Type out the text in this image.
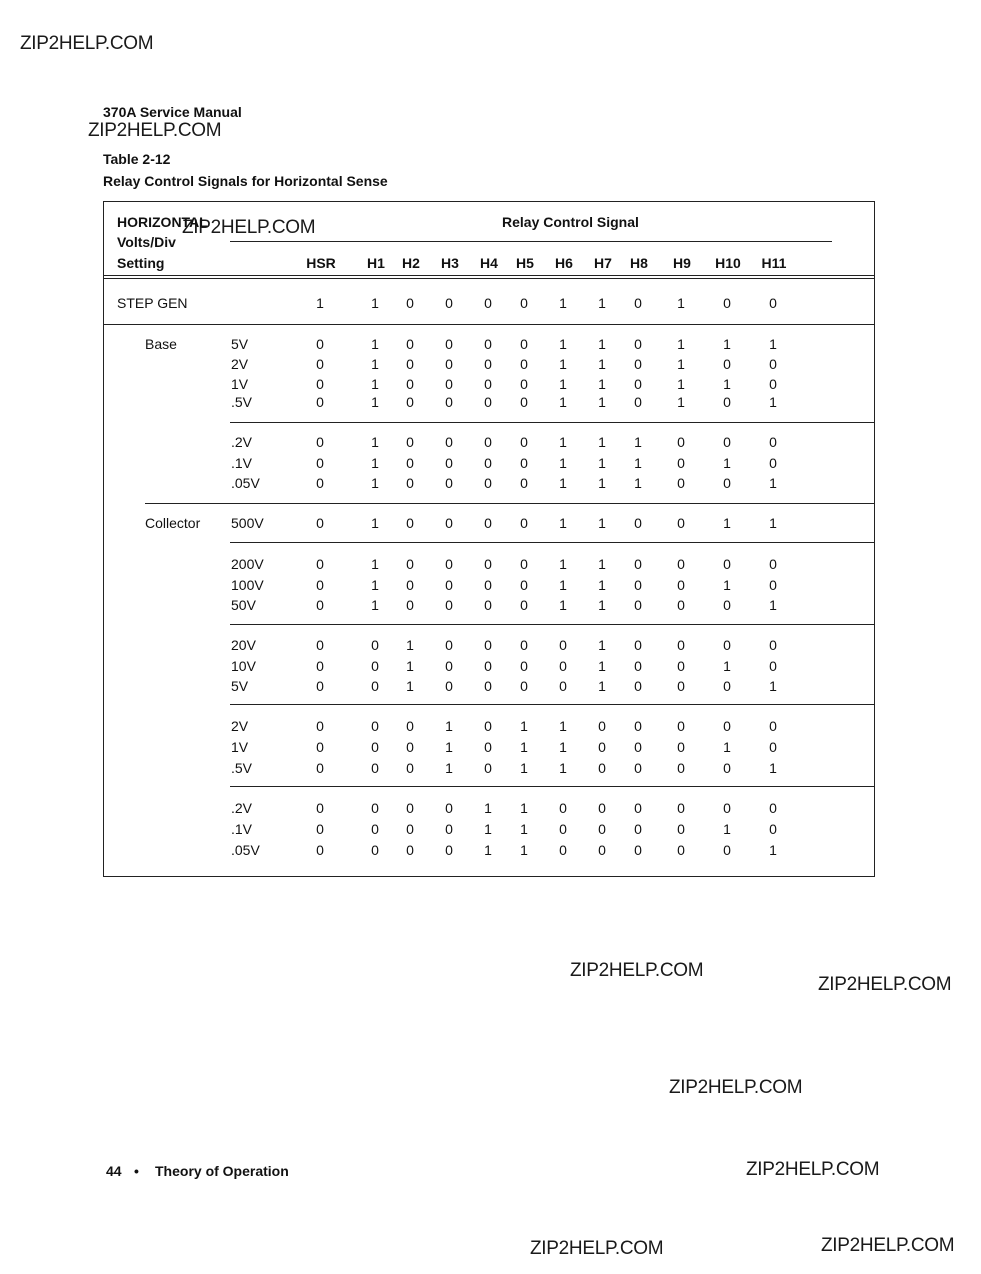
ZIP2HELP.COM
ZIP2HELP.COM
ZIP2HELP.COM
ZIP2HELP.COM
ZIP2HELP.COM
ZIP2HELP.COM
ZIP2HELP.COM
ZIP2HELP.COM	ZIP2HELP.COM
370A Service Manual
Table 2-12
Relay Control Signals for Horizontal Sense
HORIZONTAL
Volts/Div
Setting
Relay Control Signal
HSR	H1	H2	H3	H4	H5	H6	H7	H8	H9	H10	H11
STEP GEN	1	1	0	0	0	0	1	1	0	1	0	0
Base	5V	0	1	0	0	0	0	1	1	0	1	1	1
2V	0	1	0	0	0	0	1	1	0	1	0	0
1V	0	1	0	0	0	0	1	1	0	1	1	0
.5V	0	1	0	0	0	0	1	1	0	1	0	1
.2V	0	1	0	0	0	0	1	1	1	0	0	0
.1V	0	1	0	0	0	0	1	1	1	0	1	0
.05V	0	1	0	0	0	0	1	1	1	0	0	1
Collector 500V	0	1	0	0	0	0	1	1	0	0	1	1
200V	0	1	0	0	0	0	1	1	0	0	0	0
100V	0	1	0	0	0	0	1	1	0	0	1	0
50V	0	1	0	0	0	0	1	1	0	0	0	1
20V	0	0	1	0	0	0	0	1	0	0	0	0
10V	0	0	1	0	0	0	0	1	0	0	1	0
5V	0	0	1	0	0	0	0	1	0	0	0	1
2V	0	0	0	1	0	1	1	0	0	0	0	0
1V	0	0	0	1	0	1	1	0	0	0	1	0
.5V	0	0	0	1	0	1	1	0	0	0	0	1
.2V	0	0	0	0	1	1	0	0	0	0	0	0
.1V	0	0	0	0	1	1	0	0	0	0	1	0
.05V	0	0	0	0	1	1	0	0	0	0	0	1
44 • Theory of Operation
